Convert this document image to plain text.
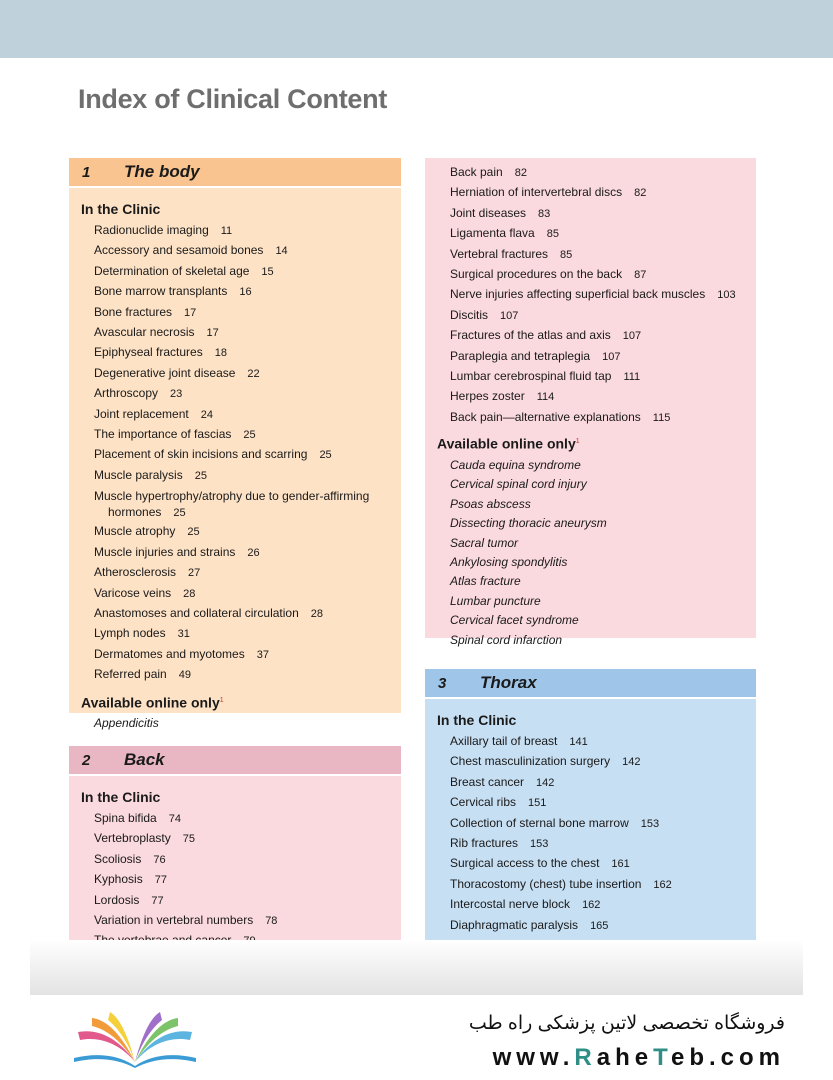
Index of Clinical Content
1	The body
In the Clinic
Radionuclide imaging 11
Accessory and sesamoid bones 14
Determination of skeletal age 15
Bone marrow transplants 16
Bone fractures 17
Avascular necrosis 17
Epiphyseal fractures 18
Degenerative joint disease 22
Arthroscopy 23
Joint replacement 24
The importance of fascias 25
Placement of skin incisions and scarring 25
Muscle paralysis 25
Muscle hypertrophy/atrophy due to gender-affirming
hormones 25
Muscle atrophy 25
Muscle injuries and strains 26
Atherosclerosis 27
Varicose veins 28
Anastomoses and collateral circulation 28
Lymph nodes 31
Dermatomes and myotomes 37
Referred pain 49
Available online only$^1$
Appendicitis
2	Back
In the Clinic
Spina bifida 74
Vertebroplasty 75
Scoliosis 76
Kyphosis 77
Lordosis 77
Variation in vertebral numbers 78
Back pain 82
Herniation of intervertebral discs 82
Joint diseases 83
Ligamenta flava 85
Vertebral fractures 85
Surgical procedures on the back 87
Nerve injuries affecting superficial back muscles 103
Discitis 107
Fractures of the atlas and axis 107
Paraplegia and tetraplegia 107
Lumbar cerebrospinal fluid tap 111
Herpes zoster 114
Back pain—alternative explanations 115
Available online only$^1$
Cauda equina syndrome
Cervical spinal cord injury
Psoas abscess
Dissecting thoracic aneurysm
Sacral tumor
Ankylosing spondylitis
Atlas fracture
Lumbar puncture
Cervical facet syndrome
Spinal cord infarction
3	Thorax
In the Clinic
Axillary tail of breast 141
Chest masculinization surgery 142
Breast cancer 142
Cervical ribs 151
Collection of sternal bone marrow 153
Rib fractures 153
Surgical access to the chest 161
Thoracostomy (chest) tube insertion 162
Intercostal nerve block 162
Diaphragmatic paralysis 165
فروشگاه تخصصی لاتین پزشکی راه طب
www.RaheTeb.com
